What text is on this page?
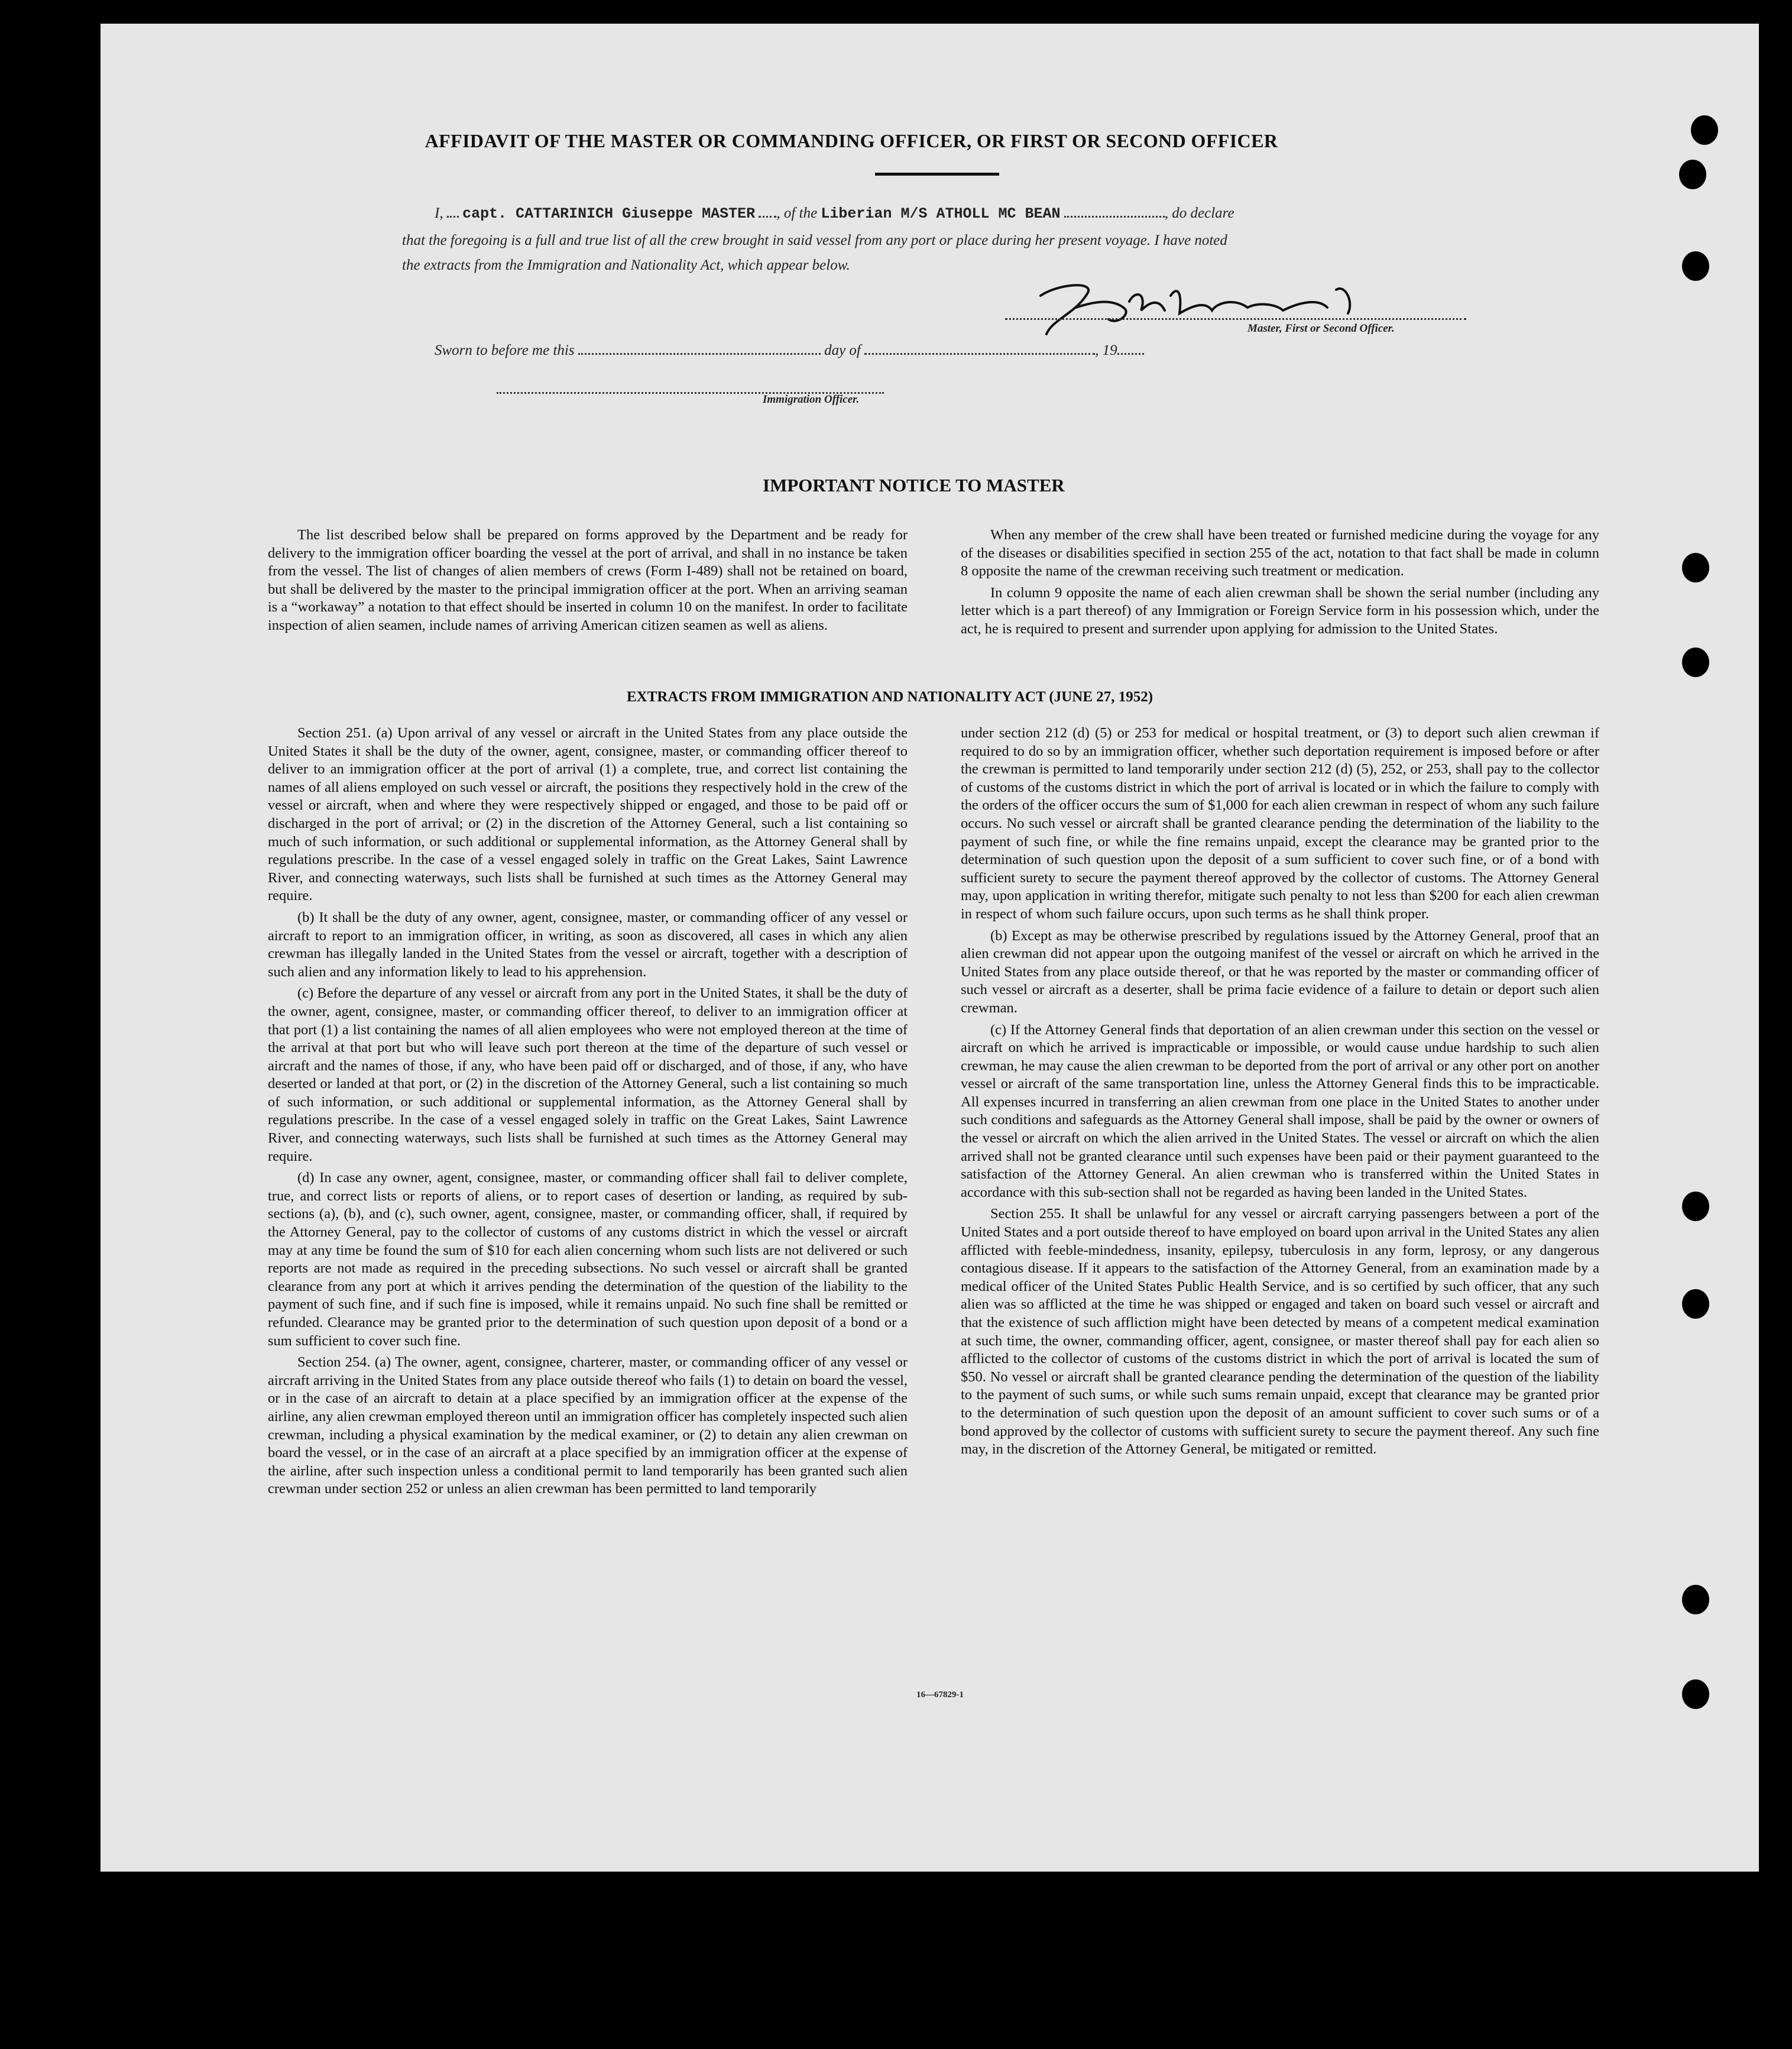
AFFIDAVIT OF THE MASTER OR COMMANDING OFFICER, OR FIRST OR SECOND OFFICER
I, capt. CATTARINICH Giuseppe MASTER , of the Liberian M/S ATHOLL MC BEAN	, do declare
that the foregoing is a full and true list of all the crew brought in said vessel from any port or place during her present voyage. I have noted
the extracts from the Immigration and Nationality Act, which appear below.
Master, First or Second Officer.
Sworn to before me this	day of	, 19
Immigration Officer.
IMPORTANT NOTICE TO MASTER

The list described below shall be prepared on forms approved by the Department and be ready for delivery to the immigration officer boarding the vessel at the port of arrival, and shall in no instance be taken from the vessel. The list of changes of alien members of crews (Form I-489) shall not be retained on board, but shall be delivered by the master to the principal immigration officer at the port. When an arriving seaman is a “workaway” a notation to that effect should be inserted in column 10 on the manifest. In order to facilitate inspection of alien seamen, include names of arriving American citizen seamen as well as aliens.

When any member of the crew shall have been treated or furnished medicine during the voyage for any of the diseases or disabilities specified in section 255 of the act, notation to that fact shall be made in column 8 opposite the name of the crewman receiving such treatment or medication.

In column 9 opposite the name of each alien crewman shall be shown the serial number (including any letter which is a part thereof) of any Immigration or Foreign Service form in his possession which, under the act, he is required to present and surrender upon applying for admission to the United States.

EXTRACTS FROM IMMIGRATION AND NATIONALITY ACT (JUNE 27, 1952)

Section 251. (a) Upon arrival of any vessel or aircraft in the United States from any place outside the United States it shall be the duty of the owner, agent, consignee, master, or commanding officer thereof to deliver to an immigration officer at the port of arrival (1) a complete, true, and correct list containing the names of all aliens employed on such vessel or aircraft, the positions they respectively hold in the crew of the vessel or aircraft, when and where they were respectively shipped or engaged, and those to be paid off or discharged in the port of arrival; or (2) in the discretion of the Attorney General, such a list containing so much of such information, or such additional or supplemental information, as the Attorney General shall by regulations prescribe. In the case of a vessel engaged solely in traffic on the Great Lakes, Saint Lawrence River, and connecting waterways, such lists shall be furnished at such times as the Attorney General may require.

(b) It shall be the duty of any owner, agent, consignee, master, or commanding officer of any vessel or aircraft to report to an immigration officer, in writing, as soon as discovered, all cases in which any alien crewman has illegally landed in the United States from the vessel or aircraft, together with a description of such alien and any information likely to lead to his apprehension.

(c) Before the departure of any vessel or aircraft from any port in the United States, it shall be the duty of the owner, agent, consignee, master, or commanding officer thereof, to deliver to an immigration officer at that port (1) a list containing the names of all alien employees who were not employed thereon at the time of the arrival at that port but who will leave such port thereon at the time of the departure of such vessel or aircraft and the names of those, if any, who have been paid off or discharged, and of those, if any, who have deserted or landed at that port, or (2) in the discretion of the Attorney General, such a list containing so much of such information, or such additional or supplemental information, as the Attorney General shall by regulations prescribe. In the case of a vessel engaged solely in traffic on the Great Lakes, Saint Lawrence River, and connecting waterways, such lists shall be furnished at such times as the Attorney General may require.

(d) In case any owner, agent, consignee, master, or commanding officer shall fail to deliver complete, true, and correct lists or reports of aliens, or to report cases of desertion or landing, as required by sub-sections (a), (b), and (c), such owner, agent, consignee, master, or commanding officer, shall, if required by the Attorney General, pay to the collector of customs of any customs district in which the vessel or aircraft may at any time be found the sum of $10 for each alien concerning whom such lists are not delivered or such reports are not made as required in the preceding subsections. No such vessel or aircraft shall be granted clearance from any port at which it arrives pending the determination of the question of the liability to the payment of such fine, and if such fine is imposed, while it remains unpaid. No such fine shall be remitted or refunded. Clearance may be granted prior to the determination of such question upon deposit of a bond or a sum sufficient to cover such fine.

Section 254. (a) The owner, agent, consignee, charterer, master, or commanding officer of any vessel or aircraft arriving in the United States from any place outside thereof who fails (1) to detain on board the vessel, or in the case of an aircraft to detain at a place specified by an immigration officer at the expense of the airline, any alien crewman employed thereon until an immigration officer has completely inspected such alien crewman, including a physical examination by the medical examiner, or (2) to detain any alien crewman on board the vessel, or in the case of an aircraft at a place specified by an immigration officer at the expense of the airline, after such inspection unless a conditional permit to land temporarily has been granted such alien crewman under section 252 or unless an alien crewman has been permitted to land temporarily

under section 212 (d) (5) or 253 for medical or hospital treatment, or (3) to deport such alien crewman if required to do so by an immigration officer, whether such deportation requirement is imposed before or after the crewman is permitted to land temporarily under section 212 (d) (5), 252, or 253, shall pay to the collector of customs of the customs district in which the port of arrival is located or in which the failure to comply with the orders of the officer occurs the sum of $1,000 for each alien crewman in respect of whom any such failure occurs. No such vessel or aircraft shall be granted clearance pending the determination of the liability to the payment of such fine, or while the fine remains unpaid, except the clearance may be granted prior to the determination of such question upon the deposit of a sum sufficient to cover such fine, or of a bond with sufficient surety to secure the payment thereof approved by the collector of customs. The Attorney General may, upon application in writing therefor, mitigate such penalty to not less than $200 for each alien crewman in respect of whom such failure occurs, upon such terms as he shall think proper.

(b) Except as may be otherwise prescribed by regulations issued by the Attorney General, proof that an alien crewman did not appear upon the outgoing manifest of the vessel or aircraft on which he arrived in the United States from any place outside thereof, or that he was reported by the master or commanding officer of such vessel or aircraft as a deserter, shall be prima facie evidence of a failure to detain or deport such alien crewman.

(c) If the Attorney General finds that deportation of an alien crewman under this section on the vessel or aircraft on which he arrived is impracticable or impossible, or would cause undue hardship to such alien crewman, he may cause the alien crewman to be deported from the port of arrival or any other port on another vessel or aircraft of the same transportation line, unless the Attorney General finds this to be impracticable. All expenses incurred in transferring an alien crewman from one place in the United States to another under such conditions and safeguards as the Attorney General shall impose, shall be paid by the owner or owners of the vessel or aircraft on which the alien arrived in the United States. The vessel or aircraft on which the alien arrived shall not be granted clearance until such expenses have been paid or their payment guaranteed to the satisfaction of the Attorney General. An alien crewman who is transferred within the United States in accordance with this sub-section shall not be regarded as having been landed in the United States.

Section 255. It shall be unlawful for any vessel or aircraft carrying passengers between a port of the United States and a port outside thereof to have employed on board upon arrival in the United States any alien afflicted with feeble-mindedness, insanity, epilepsy, tuberculosis in any form, leprosy, or any dangerous contagious disease. If it appears to the satisfaction of the Attorney General, from an examination made by a medical officer of the United States Public Health Service, and is so certified by such officer, that any such alien was so afflicted at the time he was shipped or engaged and taken on board such vessel or aircraft and that the existence of such affliction might have been detected by means of a competent medical examination at such time, the owner, commanding officer, agent, consignee, or master thereof shall pay for each alien so afflicted to the collector of customs of the customs district in which the port of arrival is located the sum of $50. No vessel or aircraft shall be granted clearance pending the determination of the question of the liability to the payment of such sums, or while such sums remain unpaid, except that clearance may be granted prior to the determination of such question upon the deposit of an amount sufficient to cover such sums or of a bond approved by the collector of customs with sufficient surety to secure the payment thereof. Any such fine may, in the discretion of the Attorney General, be mitigated or remitted.

16—67829-1
